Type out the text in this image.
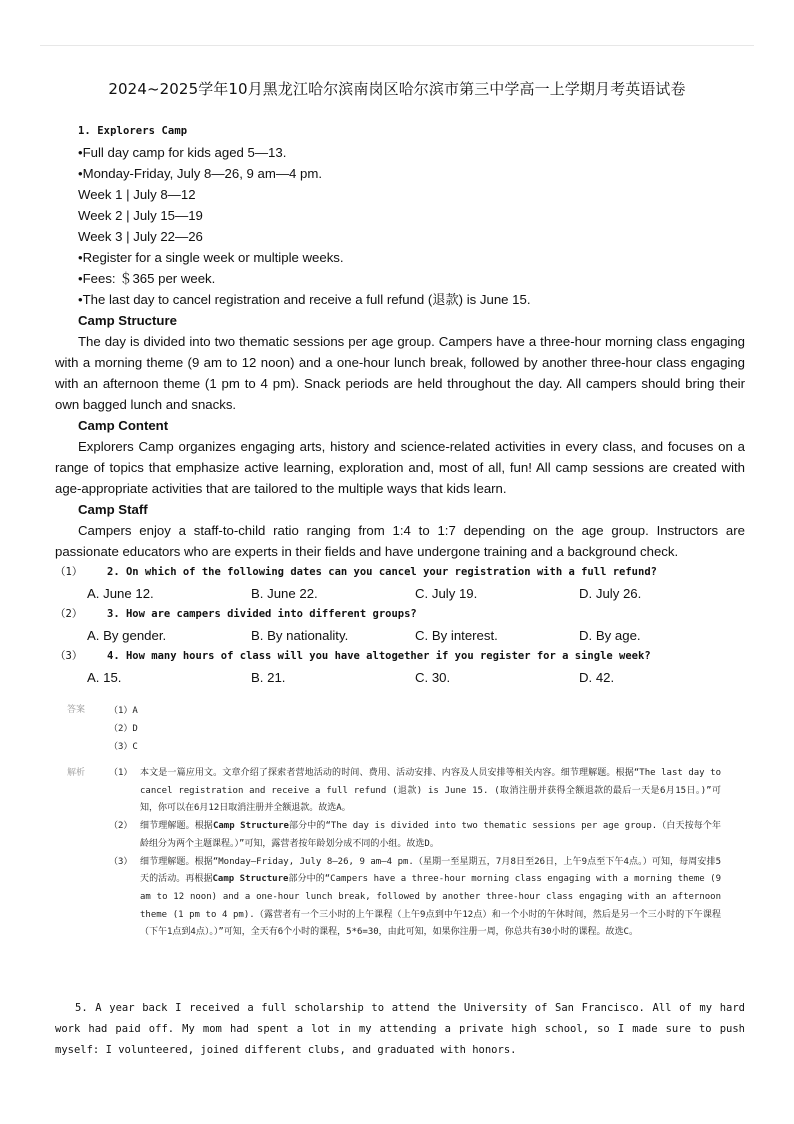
2024~2025学年10月黑龙江哈尔滨南岗区哈尔滨市第三中学高一上学期月考英语试卷
1. Explorers Camp
•Full day camp for kids aged 5—13.
•Monday-Friday, July 8—26, 9 am—4 pm.
Week 1 | July 8—12
Week 2 | July 15—19
Week 3 | July 22—26
•Register for a single week or multiple weeks.
•Fees: ＄365 per week.
•The last day to cancel registration and receive a full refund (退款) is June 15.
Camp Structure
The day is divided into two thematic sessions per age group. Campers have a three-hour morning class engaging with a morning theme (9 am to 12 noon) and a one-hour lunch break, followed by another three-hour class engaging with an afternoon theme (1 pm to 4 pm). Snack periods are held throughout the day. All campers should bring their own bagged lunch and snacks.
Camp Content
Explorers Camp organizes engaging arts, history and science-related activities in every class, and focuses on a range of topics that emphasize active learning, exploration and, most of all, fun! All camp sessions are created with age-appropriate activities that are tailored to the multiple ways that kids learn.
Camp Staff
Campers enjoy a staff-to-child ratio ranging from 1:4 to 1:7 depending on the age group. Instructors are passionate educators who are experts in their fields and have undergone training and a background check.
（1）	2. On which of the following dates can you cancel your registration with a full refund?
A. June 12.	B. June 22.	C. July 19.	D. July 26.
（2）	3. How are campers divided into different groups?
A. By gender.	B. By nationality.	C. By interest.	D. By age.
（3）	4. How many hours of class will you have altogether if you register for a single week?
A. 15.	B. 21.	C. 30.	D. 42.
答案	（1）A
（2）D
（3）C
解析	（1） 本文是一篇应用文。文章介绍了探索者营地活动的时间、费用、活动安排、内容及人员安排等相关内容。细节理解题。根据“The last day to cancel registration and receive a full refund (退款) is June 15. (取消注册并获得全额退款的最后一天是6月15日。)”可知，你可以在6月12日取消注册并全额退款。故选A。
（2） 细节理解题。根据Camp Structure部分中的“The day is divided into two thematic sessions per age group.（白天按每个年龄组分为两个主题课程。）”可知，露营者按年龄划分成不同的小组。故选D。
（3） 细节理解题。根据“Monday—Friday, July 8—26, 9 am—4 pm.（星期一至星期五，7月8日至26日，上午9点至下午4点。）可知，每周安排5天的活动。再根据Camp Structure部分中的“Campers have a three-hour morning class engaging with a morning theme (9 am to 12 noon) and a one-hour lunch break, followed by another three-hour class engaging with an afternoon theme (1 pm to 4 pm).（露营者有一个三小时的上午课程（上午9点到中午12点）和一个小时的午休时间，然后是另一个三小时的下午课程（下午1点到4点）。）”可知，全天有6个小时的课程，5*6=30，由此可知，如果你注册一周，你总共有30小时的课程。故选C。

5. A year back I received a full scholarship to attend the University of San Francisco. All of my hard work had paid off. My mom had spent a lot in my attending a private high school, so I made sure to push myself: I volunteered, joined different clubs, and graduated with honors.
